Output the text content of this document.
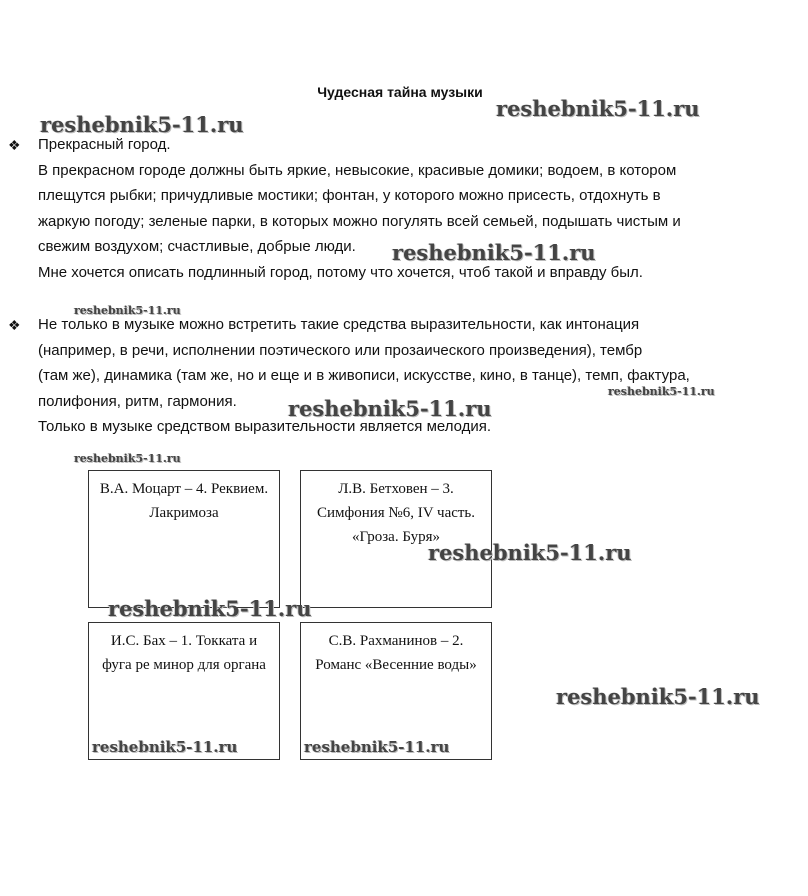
Чудесная тайна музыки
❖ Прекрасный город.

В прекрасном городе должны быть яркие, невысокие, красивые домики; водоем, в котором

плещутся рыбки; причудливые мостики; фонтан, у которого можно присесть, отдохнуть в

жаркую погоду; зеленые парки, в которых можно погулять всей семьей, подышать чистым и

свежим воздухом; счастливые, добрые люди.

Мне хочется описать подлинный город, потому что хочется, чтоб такой и вправду был.

❖ Не только в музыке можно встретить такие средства выразительности, как интонация

(например, в речи, исполнении поэтического или прозаического произведения), тембр

(там же), динамика (там же, но и еще и в живописи, искусстве, кино, в танце), темп, фактура,

полифония, ритм, гармония.

Только в музыке средством выразительности является мелодия.

В.А. Моцарт – 4. Реквием. Лакримоза
Л.В. Бетховен – 3. Симфония №6, IV часть. «Гроза. Буря»
И.С. Бах – 1. Токката и фуга ре минор для органа
С.В. Рахманинов – 2. Романс «Весенние воды»
reshebnik5-11.ru
reshebnik5-11.ru
reshebnik5-11.ru
reshebnik5-11.ru
reshebnik5-11.ru
reshebnik5-11.ru
reshebnik5-11.ru
reshebnik5-11.ru
reshebnik5-11.ru
reshebnik5-11.ru
reshebnik5-11.ru	reshebnik5-11.ru
